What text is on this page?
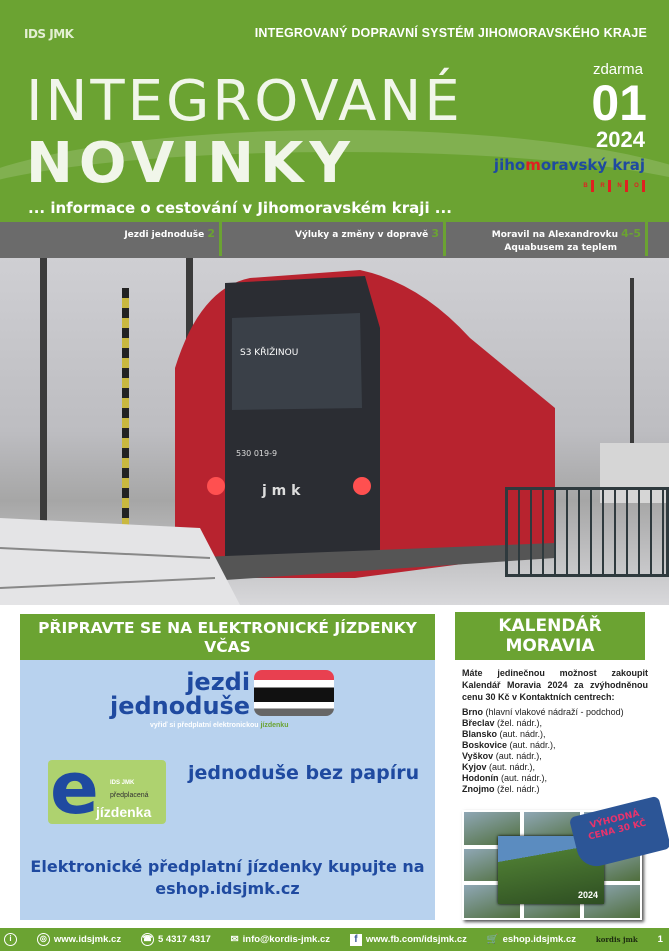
IDS JMK	INTEGROVANÝ DOPRAVNÍ SYSTÉM JIHOMORAVSKÉHO KRAJE
INTEGROVANÉ
NOVINKY
zdarma
01
2024
jihomoravský kraj
B	R	N	O
... informace o cestování v Jihomoravském kraji ...
Jezdi jednoduše 2	Výluky a změny v dopravě 3	Moravil na Alexandrovku 4-5
Aquabusem za teplem
S3 KŘIŽINOU
530 019-9
j m k
PŘIPRAVTE SE NA ELEKTRONICKÉ JÍZDENKY VČAS
jezdi
jednoduše
vyřiď si předplatní elektronickou jízdenku
e IDS JMK
předplacená
jízdenka
jednoduše bez papíru
Elektronické předplatní jízdenky kupujte na eshop.idsjmk.cz
KALENDÁŘ MORAVIA
Máte jedinečnou možnost zakoupit Kalendář Moravia 2024 za zvýhodněnou cenu 30 Kč v Kontaktních centrech:
Brno (hlavní vlakové nádraží - podchod)
Břeclav (žel. nádr.),
Blansko (aut. nádr.),
Boskovice (aut. nádr.),
Vyškov (aut. nádr.),
Kyjov (aut. nádr.),
Hodonín (aut. nádr.),
Znojmo (žel. nádr.)
2024
VÝHODNÁ CENA 30 KČ
i	◎ www.idsjmk.cz	☎ 5 4317 4317 ✉ info@kordis-jmk.cz	f www.fb.com/idsjmk.cz 🛒 eshop.idsjmk.cz	kordis jmk 1
